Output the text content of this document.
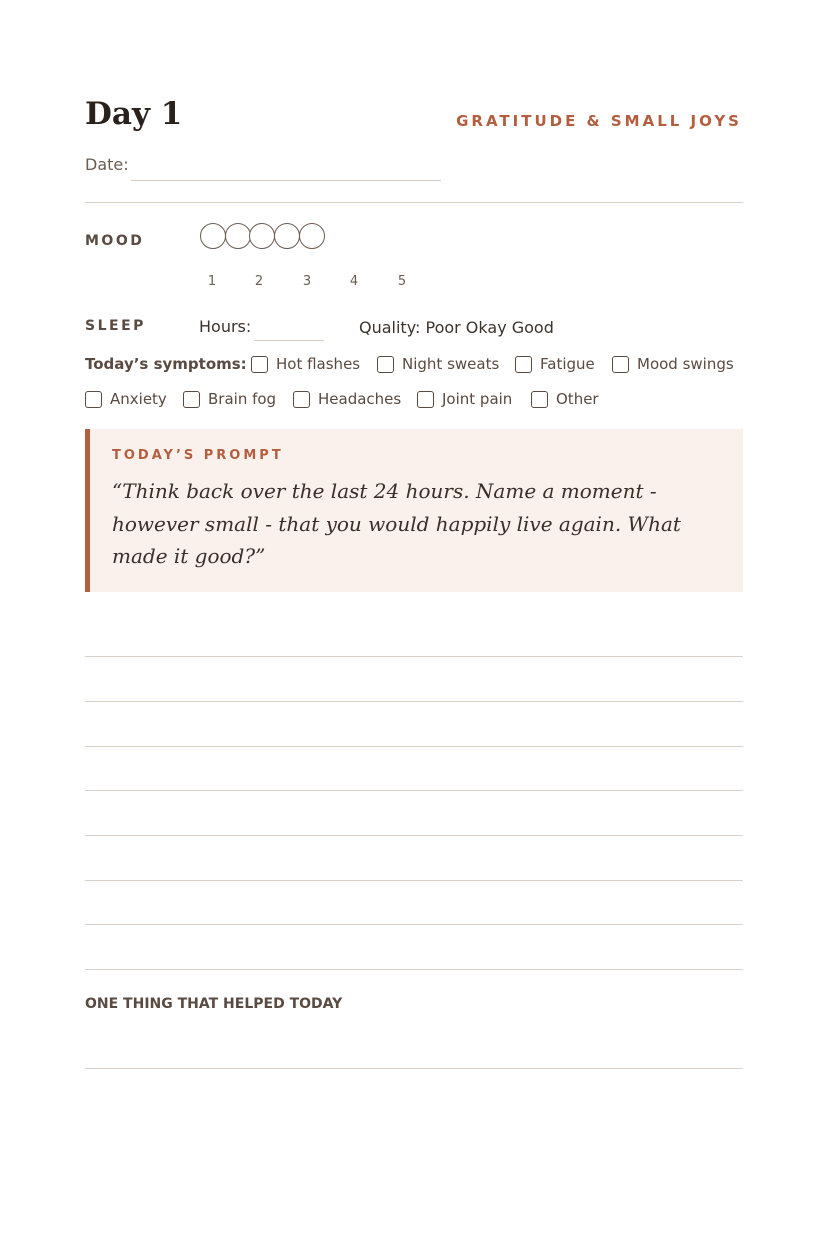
Day 1	GRATITUDE & SMALL JOYS
Date:
MOOD
1	2	3	4	5
SLEEP	Hours:	Quality: Poor Okay Good
Today’s symptoms: Hot flashes	Night sweats	Fatigue	Mood swings
Anxiety	Brain fog	Headaches	Joint pain	Other
TODAY’S PROMPT

“Think back over the last 24 hours. Name a moment - however small - that you would happily live again. What made it good?”

ONE THING THAT HELPED TODAY
